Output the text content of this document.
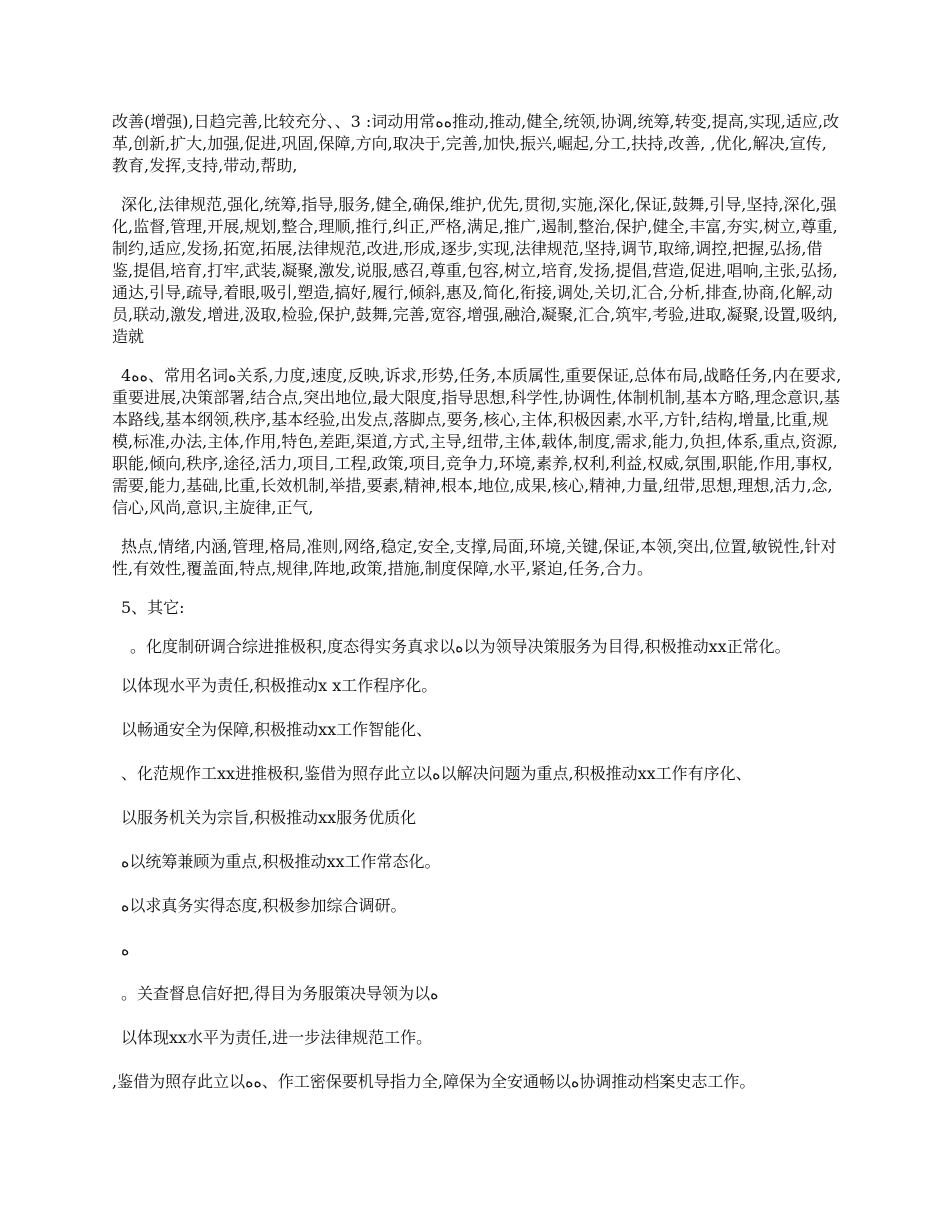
改善(增强),日趋完善,比较充分、、3 :词动用常ﻩﻩ推动,推动,健全,统领,协调,统筹,转变,提高,实现,适应,改革,创新,扩大,加强,促进,巩固,保障,方向,取决于,完善,加快,振兴,崛起,分工,扶持,改善, ,优化,解决,宣传,教育,发挥,支持,带动,帮助,

深化,法律规范,强化,统筹,指导,服务,健全,确保,维护,优先,贯彻,实施,深化,保证,鼓舞,引导,坚持,深化,强化,监督,管理,开展,规划,整合,理顺,推行,纠正,严格,满足,推广,遏制,整治,保护,健全,丰富,夯实,树立,尊重,制约,适应,发扬,拓宽,拓展,法律规范,改进,形成,逐步,实现,法律规范,坚持,调节,取缔,调控,把握,弘扬,借鉴,提倡,培育,打牢,武装,凝聚,激发,说服,感召,尊重,包容,树立,培育,发扬,提倡,营造,促进,唱响,主张,弘扬,通达,引导,疏导,着眼,吸引,塑造,搞好,履行,倾斜,惠及,简化,衔接,调处,关切,汇合,分析,排查,协商,化解,动员,联动,激发,增进,汲取,检验,保护,鼓舞,完善,宽容,增强,融洽,凝聚,汇合,筑牢,考验,进取,凝聚,设置,吸纳,造就

4ﻩﻩ、常用名词ﻩ关系,力度,速度,反映,诉求,形势,任务,本质属性,重要保证,总体布局,战略任务,内在要求,重要进展,决策部署,结合点,突出地位,最大限度,指导思想,科学性,协调性,体制机制,基本方略,理念意识,基本路线,基本纲领,秩序,基本经验,出发点,落脚点,要务,核心,主体,积极因素,水平,方针,结构,增量,比重,规模,标准,办法,主体,作用,特色,差距,渠道,方式,主导,纽带,主体,载体,制度,需求,能力,负担,体系,重点,资源,职能,倾向,秩序,途径,活力,项目,工程,政策,项目,竞争力,环境,素养,权利,利益,权威,氛围,职能,作用,事权,需要,能力,基础,比重,长效机制,举措,要素,精神,根本,地位,成果,核心,精神,力量,纽带,思想,理想,活力,念,信心,风尚,意识,主旋律,正气,

热点,情绪,内涵,管理,格局,准则,网络,稳定,安全,支撑,局面,环境,关键,保证,本领,突出,位置,敏锐性,针对性,有效性,覆盖面,特点,规律,阵地,政策,措施,制度保障,水平,紧迫,任务,合力。

5、其它:

。化度制研调合综进推极积,度态得实务真求以ﻩ以为领导决策服务为目得,积极推动xx正常化。

以体现水平为责任,积极推动x x工作程序化。

以畅通安全为保障,积极推动xx工作智能化、

、化范规作工xx进推极积,鉴借为照存此立以ﻩ以解决问题为重点,积极推动xx工作有序化、

以服务机关为宗旨,积极推动xx服务优质化

ﻩ以统筹兼顾为重点,积极推动xx工作常态化。

ﻩ以求真务实得态度,积极参加综合调研。

ﻩ

。关查督息信好把,得目为务服策决导领为以ﻩ

以体现xx水平为责任,进一步法律规范工作。

,鉴借为照存此立以ﻩﻩ、作工密保要机导指力全,障保为全安通畅以ﻩ协调推动档案史志工作。
